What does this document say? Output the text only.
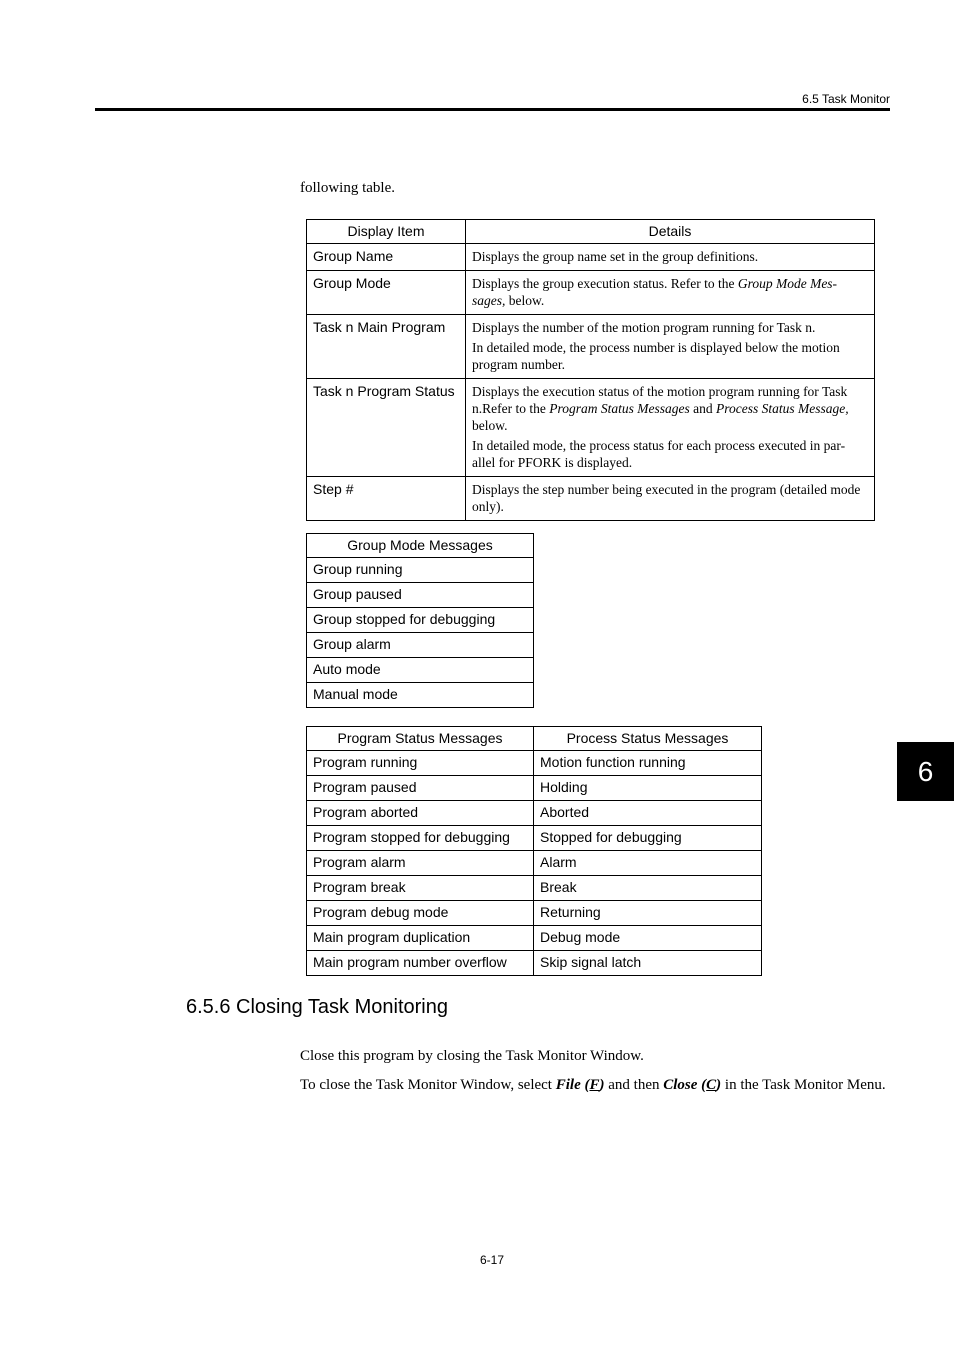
6.5 Task Monitor
following table.
Display Item	Details
Group Name	Displays the group name set in the group definitions.

Group Mode	Displays the group execution status. Refer to the Group Mode Mes-sages, below.

Task n Main Program	Displays the number of the motion program running for Task n.

In detailed mode, the process number is displayed below the motion program number.

Task n Program Status	Displays the execution status of the motion program running for Task n.Refer to the Program Status Messages and Process Status Message, below.

In detailed mode, the process status for each process executed in par-allel for PFORK is displayed.

Step #	Displays the step number being executed in the program (detailed mode only).

Group Mode Messages
Group running
Group paused
Group stopped for debugging
Group alarm
Auto mode
Manual mode
Program Status Messages	Process Status Messages
Program running	Motion function running
Program paused	Holding
Program aborted	Aborted
Program stopped for debugging	Stopped for debugging
Program alarm	Alarm
Program break	Break
Program debug mode	Returning
Main program duplication	Debug mode
Main program number overflow	Skip signal latch
6
6.5.6 Closing Task Monitoring
Close this program by closing the Task Monitor Window.
To close the Task Monitor Window, select File (F) and then Close (C) in the Task Monitor Menu.
6-17
